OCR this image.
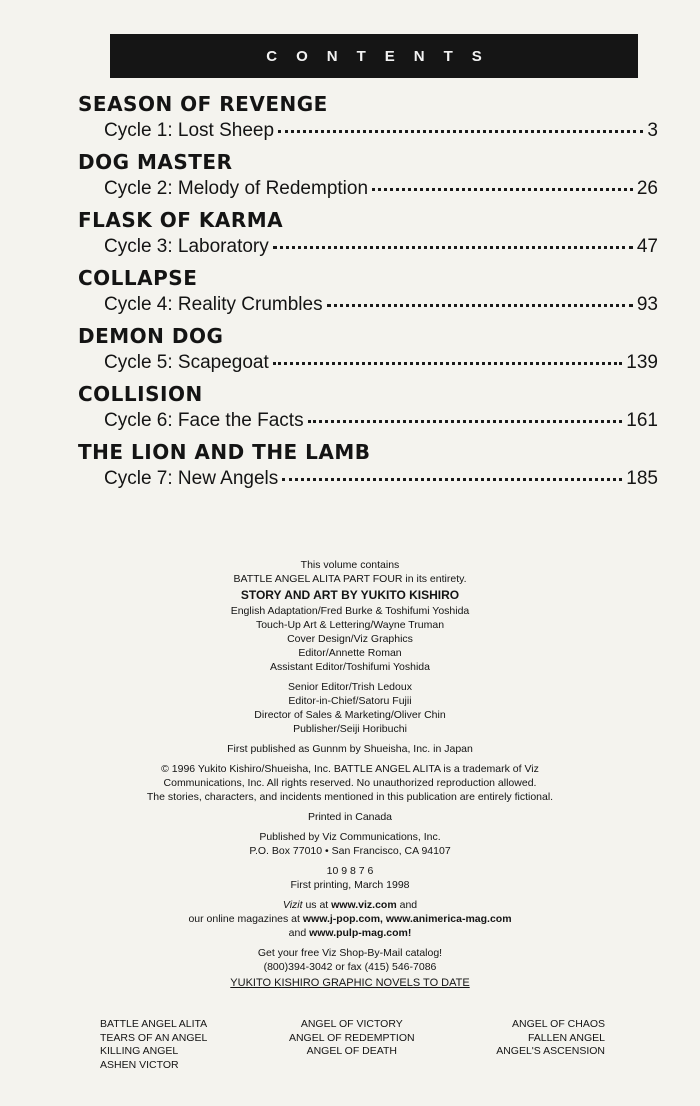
CONTENTS
SEASON OF REVENGE
Cycle 1: Lost Sheep	3
DOG MASTER
Cycle 2: Melody of Redemption	26
FLASK OF KARMA
Cycle 3: Laboratory	47
COLLAPSE
Cycle 4: Reality Crumbles	93
DEMON DOG
Cycle 5: Scapegoat	139
COLLISION
Cycle 6: Face the Facts	161
THE LION AND THE LAMB
Cycle 7: New Angels	185
This volume contains
BATTLE ANGEL ALITA PART FOUR in its entirety.
STORY AND ART BY YUKITO KISHIRO
English Adaptation/Fred Burke & Toshifumi Yoshida
Touch-Up Art & Lettering/Wayne Truman
Cover Design/Viz Graphics
Editor/Annette Roman
Assistant Editor/Toshifumi Yoshida
Senior Editor/Trish Ledoux
Editor-in-Chief/Satoru Fujii
Director of Sales & Marketing/Oliver Chin
Publisher/Seiji Horibuchi
First published as Gunnm by Shueisha, Inc. in Japan
© 1996 Yukito Kishiro/Shueisha, Inc. BATTLE ANGEL ALITA is a trademark of Viz
Communications, Inc. All rights reserved. No unauthorized reproduction allowed.
The stories, characters, and incidents mentioned in this publication are entirely fictional.
Printed in Canada
Published by Viz Communications, Inc.
P.O. Box 77010 • San Francisco, CA 94107
10 9 8 7 6
First printing, March 1998
Vizit us at www.viz.com and
our online magazines at www.j-pop.com, www.animerica-mag.com
and www.pulp-mag.com!
Get your free Viz Shop-By-Mail catalog!
(800)394-3042 or fax (415) 546-7086
YUKITO KISHIRO GRAPHIC NOVELS TO DATE
BATTLE ANGEL ALITA
TEARS OF AN ANGEL
KILLING ANGEL
ASHEN VICTOR
ANGEL OF VICTORY
ANGEL OF REDEMPTION
ANGEL OF DEATH
ANGEL OF CHAOS
FALLEN ANGEL
ANGEL'S ASCENSION
